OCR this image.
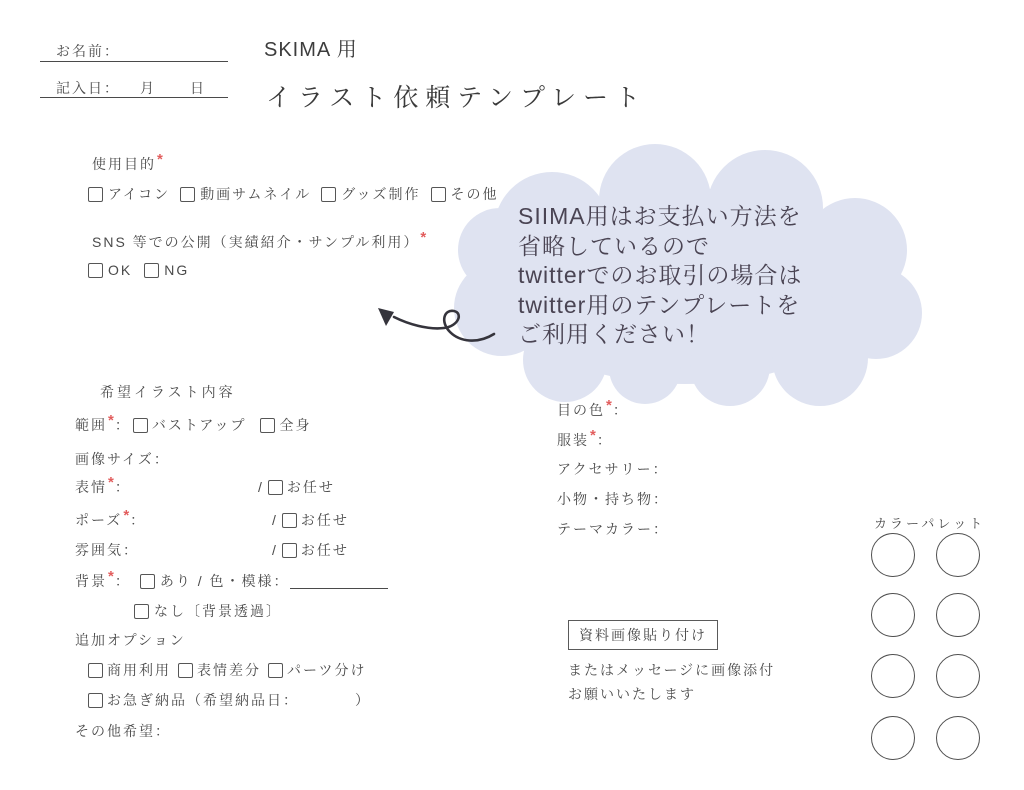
お名前：
記入日： 月 日
SKIMA 用
イラスト依頼テンプレート
使用目的 *
アイコン 動画サムネイル グッズ制作 その他
SNS 等での公開（実績紹介・サンプル利用） *
OK NG
SIIMA用はお支払い方法を
省略しているので
twitterでのお取引の場合は
twitter用のテンプレートを
ご利用ください！
希望イラスト内容
範囲 * ： バストアップ 全身
画像サイズ：
表情 * ：	/ お任せ
ポーズ * ：	/ お任せ
雰囲気：	/ お任せ
背景 * ： あり / 色・模様：
なし〔背景透過〕
追加オプション
商用利用 表情差分 パーツ分け
お急ぎ納品（希望納品日：	）
その他希望：
目の色 * ：
服装 * ：
アクセサリー：
小物・持ち物：
テーマカラー：	カラーパレット
資料画像貼り付け
またはメッセージに画像添付
お願いいたします
